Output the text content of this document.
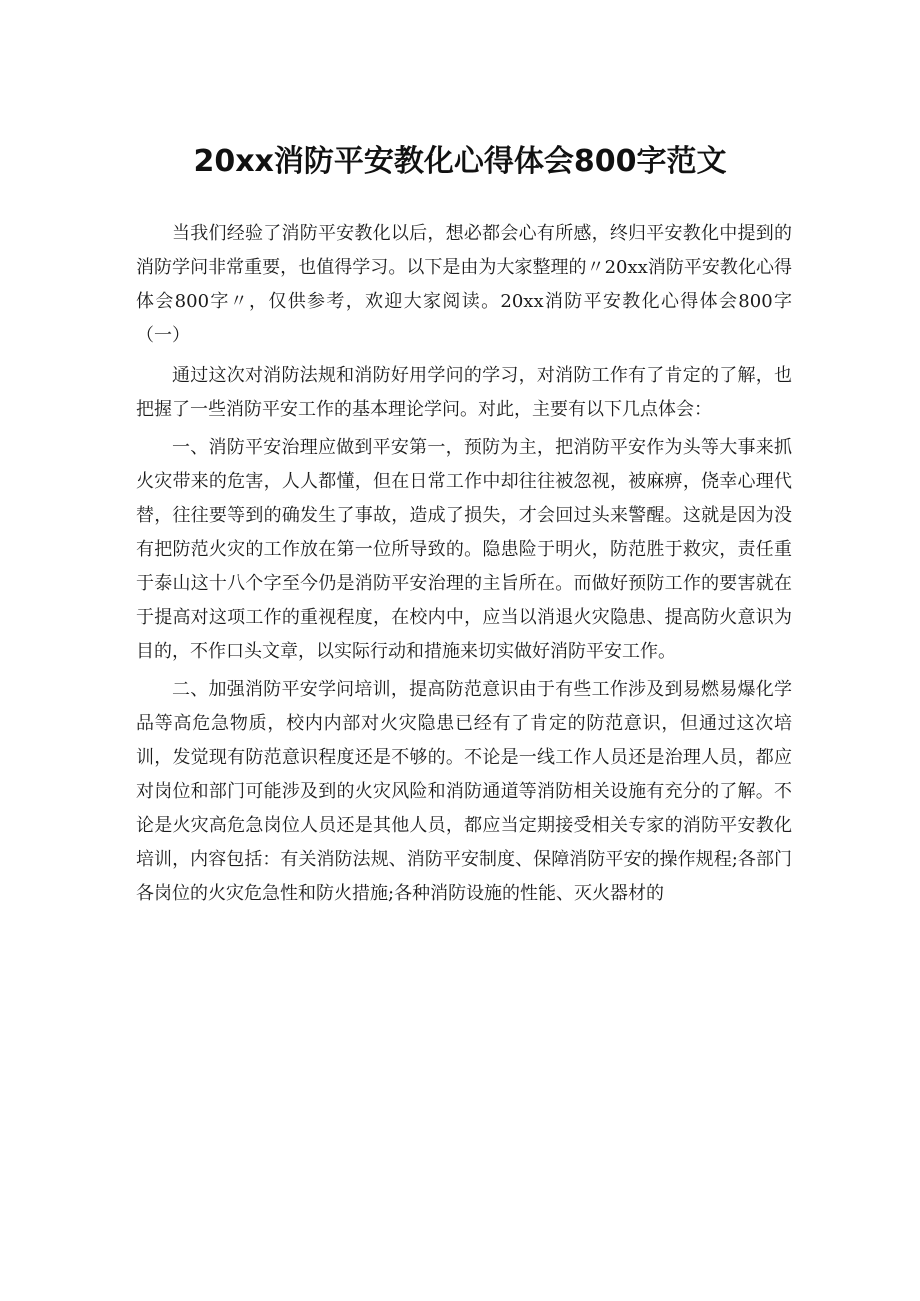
20xx消防平安教化心得体会800字范文

当我们经验了消防平安教化以后，想必都会心有所感，终归平安教化中提到的消防学问非常重要，也值得学习。以下是由为大家整理的〃20xx消防平安教化心得体会800字〃，仅供参考，欢迎大家阅读。20xx消防平安教化心得体会800字（一）

通过这次对消防法规和消防好用学问的学习，对消防工作有了肯定的了解，也把握了一些消防平安工作的基本理论学问。对此，主要有以下几点体会：

一、消防平安治理应做到平安第一，预防为主，把消防平安作为头等大事来抓火灾带来的危害，人人都懂，但在日常工作中却往往被忽视，被麻痹，侥幸心理代替，往往要等到的确发生了事故，造成了损失，才会回过头来警醒。这就是因为没有把防范火灾的工作放在第一位所导致的。隐患险于明火，防范胜于救灾，责任重于泰山这十八个字至今仍是消防平安治理的主旨所在。而做好预防工作的要害就在于提高对这项工作的重视程度，在校内中，应当以消退火灾隐患、提高防火意识为目的，不作口头文章，以实际行动和措施来切实做好消防平安工作。

二、加强消防平安学问培训，提高防范意识由于有些工作涉及到易燃易爆化学品等高危急物质，校内内部对火灾隐患已经有了肯定的防范意识，但通过这次培训，发觉现有防范意识程度还是不够的。不论是一线工作人员还是治理人员，都应对岗位和部门可能涉及到的火灾风险和消防通道等消防相关设施有充分的了解。不论是火灾高危急岗位人员还是其他人员，都应当定期接受相关专家的消防平安教化培训，内容包括：有关消防法规、消防平安制度、保障消防平安的操作规程;各部门各岗位的火灾危急性和防火措施;各种消防设施的性能、灭火器材的
